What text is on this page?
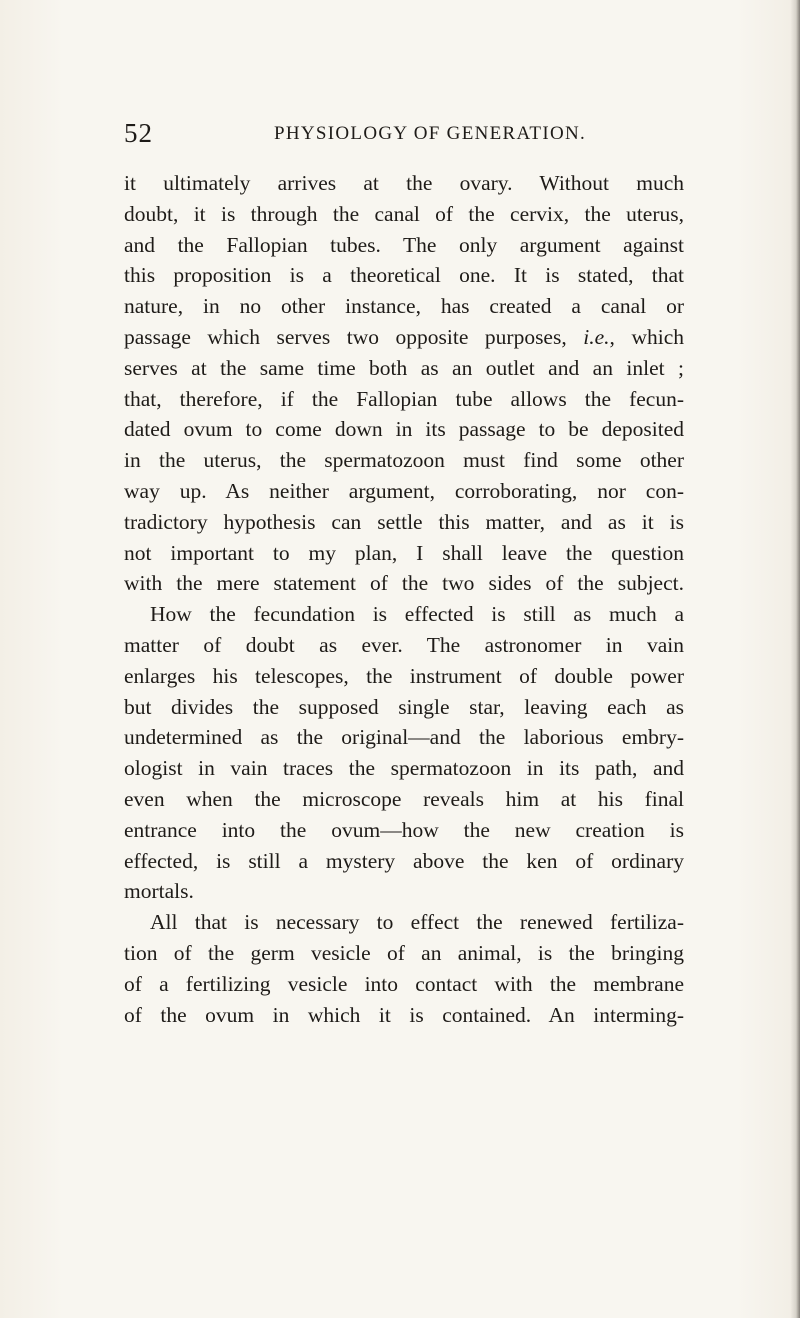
52	PHYSIOLOGY OF GENERATION.

it ultimately arrives at the ovary. Without much
doubt, it is through the canal of the cervix, the uterus,
and the Fallopian tubes. The only argument against
this proposition is a theoretical one. It is stated, that
nature, in no other instance, has created a canal or
passage which serves two opposite purposes, i.e., which
serves at the same time both as an outlet and an inlet ;
that, therefore, if the Fallopian tube allows the fecun-
dated ovum to come down in its passage to be deposited
in the uterus, the spermatozoon must find some other
way up. As neither argument, corroborating, nor con-
tradictory hypothesis can settle this matter, and as it is
not important to my plan, I shall leave the question
with the mere statement of the two sides of the subject.

How the fecundation is effected is still as much a
matter of doubt as ever. The astronomer in vain
enlarges his telescopes, the instrument of double power
but divides the supposed single star, leaving each as
undetermined as the original—and the laborious embry-
ologist in vain traces the spermatozoon in its path, and
even when the microscope reveals him at his final
entrance into the ovum—how the new creation is
effected, is still a mystery above the ken of ordinary
mortals.

All that is necessary to effect the renewed fertiliza-
tion of the germ vesicle of an animal, is the bringing
of a fertilizing vesicle into contact with the membrane
of the ovum in which it is contained. An interming-
